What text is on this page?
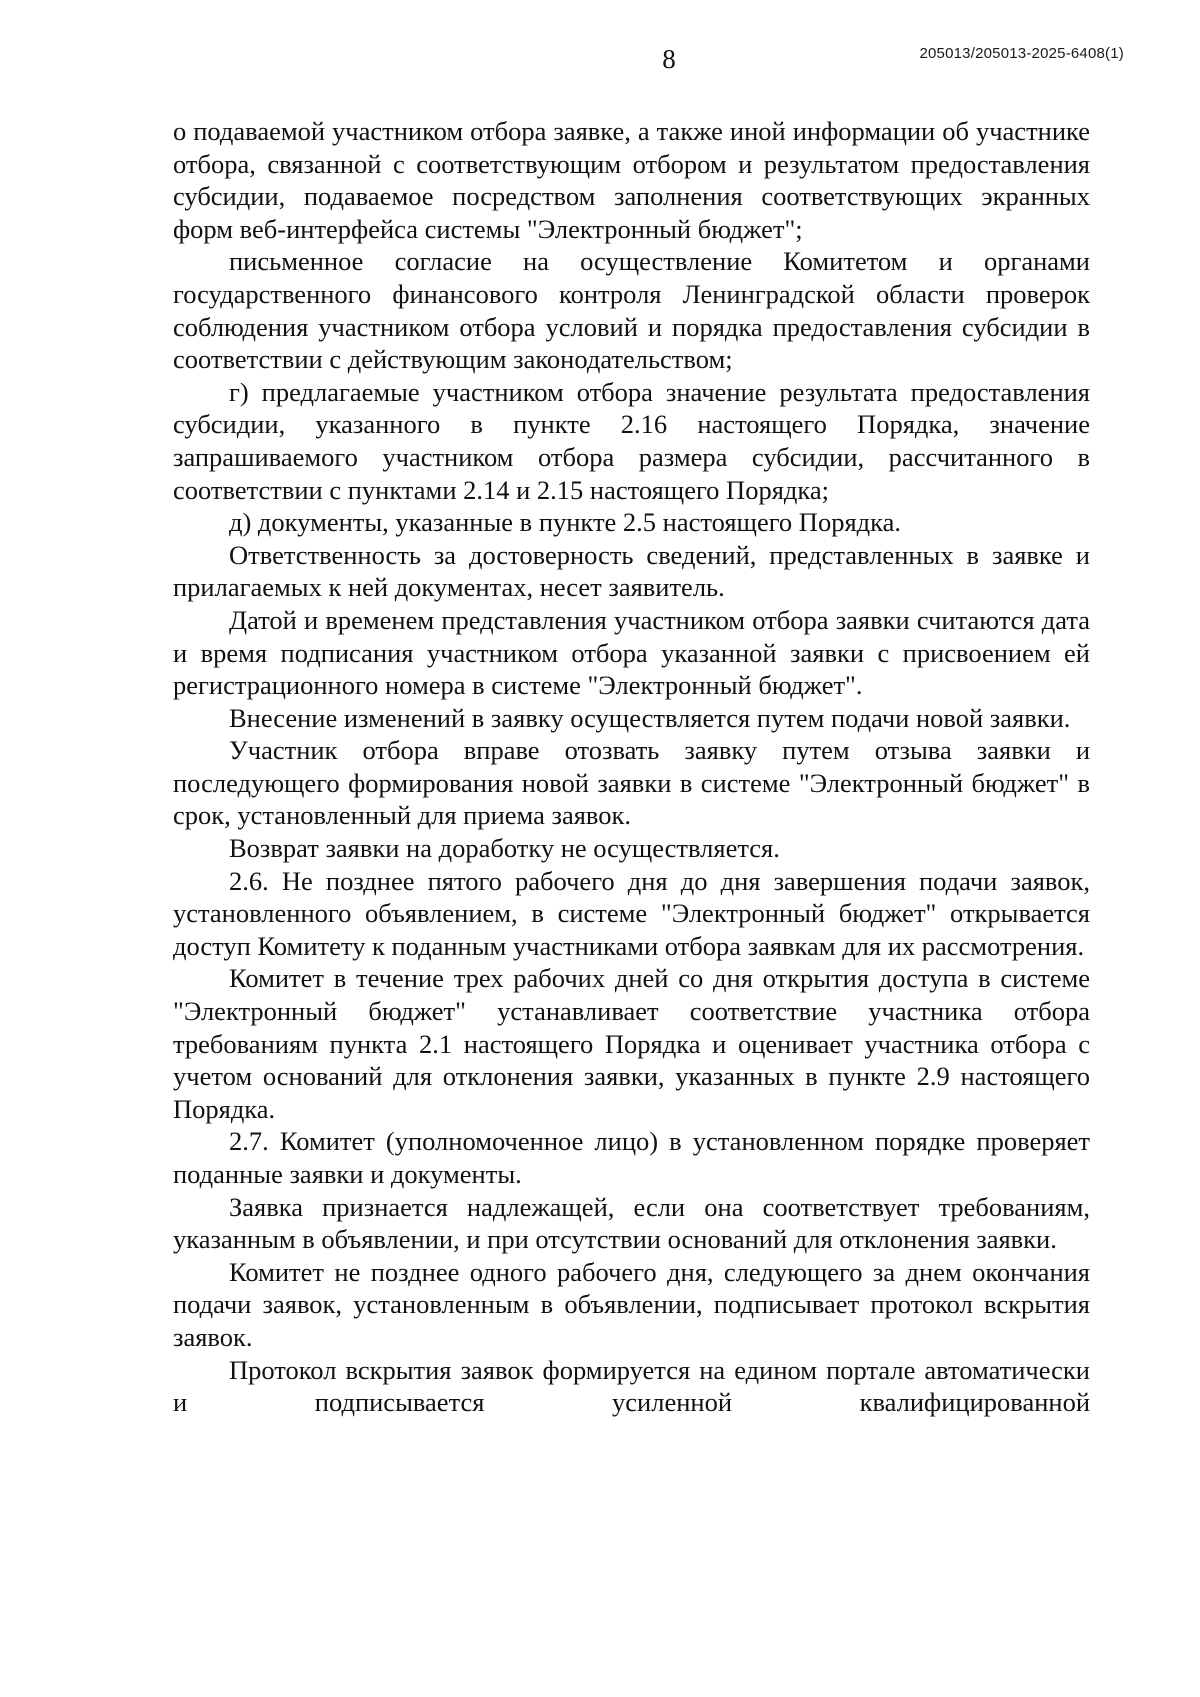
8	205013/205013-2025-6408(1)

о подаваемой участником отбора заявке, а также иной информации об участнике отбора, связанной с соответствующим отбором и результатом предоставления субсидии, подаваемое посредством заполнения соответствующих экранных форм веб-интерфейса системы "Электронный бюджет";

письменное согласие на осуществление Комитетом и органами государственного финансового контроля Ленинградской области проверок соблюдения участником отбора условий и порядка предоставления субсидии в соответствии с действующим законодательством;

г) предлагаемые участником отбора значение результата предоставления субсидии, указанного в пункте 2.16 настоящего Порядка, значение запрашиваемого участником отбора размера субсидии, рассчитанного в соответствии с пунктами 2.14 и 2.15 настоящего Порядка;

д) документы, указанные в пункте 2.5 настоящего Порядка.

Ответственность за достоверность сведений, представленных в заявке и прилагаемых к ней документах, несет заявитель.

Датой и временем представления участником отбора заявки считаются дата и время подписания участником отбора указанной заявки с присвоением ей регистрационного номера в системе "Электронный бюджет".

Внесение изменений в заявку осуществляется путем подачи новой заявки.

Участник отбора вправе отозвать заявку путем отзыва заявки и последующего формирования новой заявки в системе "Электронный бюджет" в срок, установленный для приема заявок.

Возврат заявки на доработку не осуществляется.

2.6. Не позднее пятого рабочего дня до дня завершения подачи заявок, установленного объявлением, в системе "Электронный бюджет" открывается доступ Комитету к поданным участниками отбора заявкам для их рассмотрения.

Комитет в течение трех рабочих дней со дня открытия доступа в системе "Электронный бюджет" устанавливает соответствие участника отбора требованиям пункта 2.1 настоящего Порядка и оценивает участника отбора с учетом оснований для отклонения заявки, указанных в пункте 2.9 настоящего Порядка.

2.7. Комитет (уполномоченное лицо) в установленном порядке проверяет поданные заявки и документы.

Заявка признается надлежащей, если она соответствует требованиям, указанным в объявлении, и при отсутствии оснований для отклонения заявки.

Комитет не позднее одного рабочего дня, следующего за днем окончания подачи заявок, установленным в объявлении, подписывает протокол вскрытия заявок.

Протокол вскрытия заявок формируется на едином портале автоматически и подписывается усиленной квалифицированной
